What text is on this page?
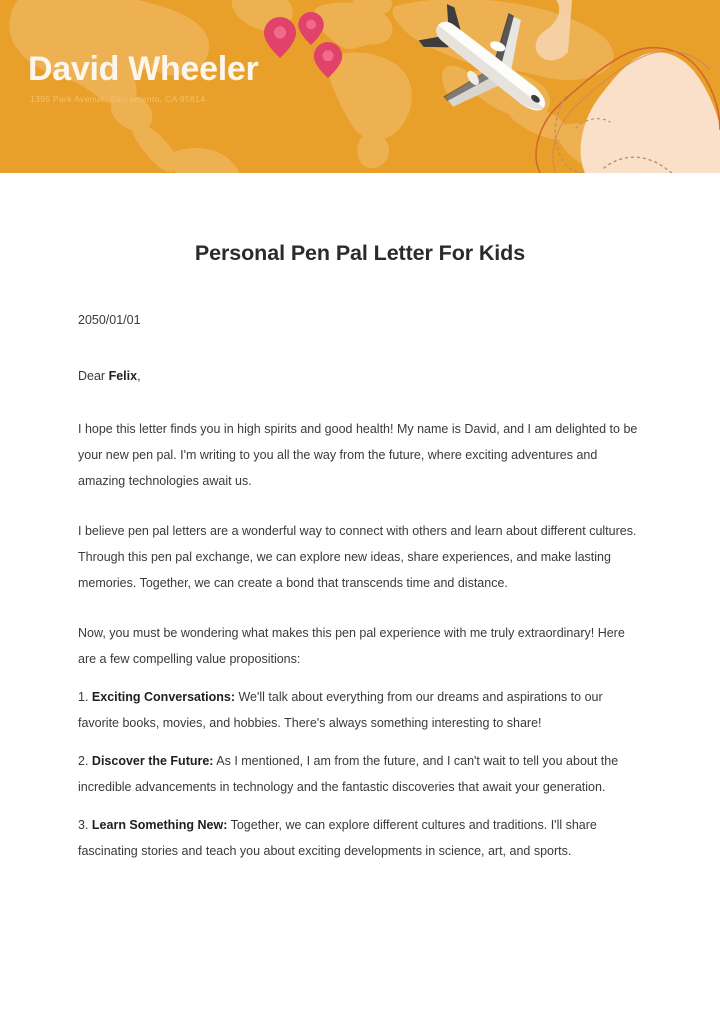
David Wheeler
1395 Park Avenue, Sacramento, CA 95814
Personal Pen Pal Letter For Kids

2050/01/01

Dear Felix,

I hope this letter finds you in high spirits and good health! My name is David, and I am delighted to be your new pen pal. I'm writing to you all the way from the future, where exciting adventures and amazing technologies await us.

I believe pen pal letters are a wonderful way to connect with others and learn about different cultures. Through this pen pal exchange, we can explore new ideas, share experiences, and make lasting memories. Together, we can create a bond that transcends time and distance.

Now, you must be wondering what makes this pen pal experience with me truly extraordinary! Here are a few compelling value propositions:

1. Exciting Conversations: We'll talk about everything from our dreams and aspirations to our favorite books, movies, and hobbies. There's always something interesting to share!

2. Discover the Future: As I mentioned, I am from the future, and I can't wait to tell you about the incredible advancements in technology and the fantastic discoveries that await your generation.

3. Learn Something New: Together, we can explore different cultures and traditions. I'll share fascinating stories and teach you about exciting developments in science, art, and sports.
